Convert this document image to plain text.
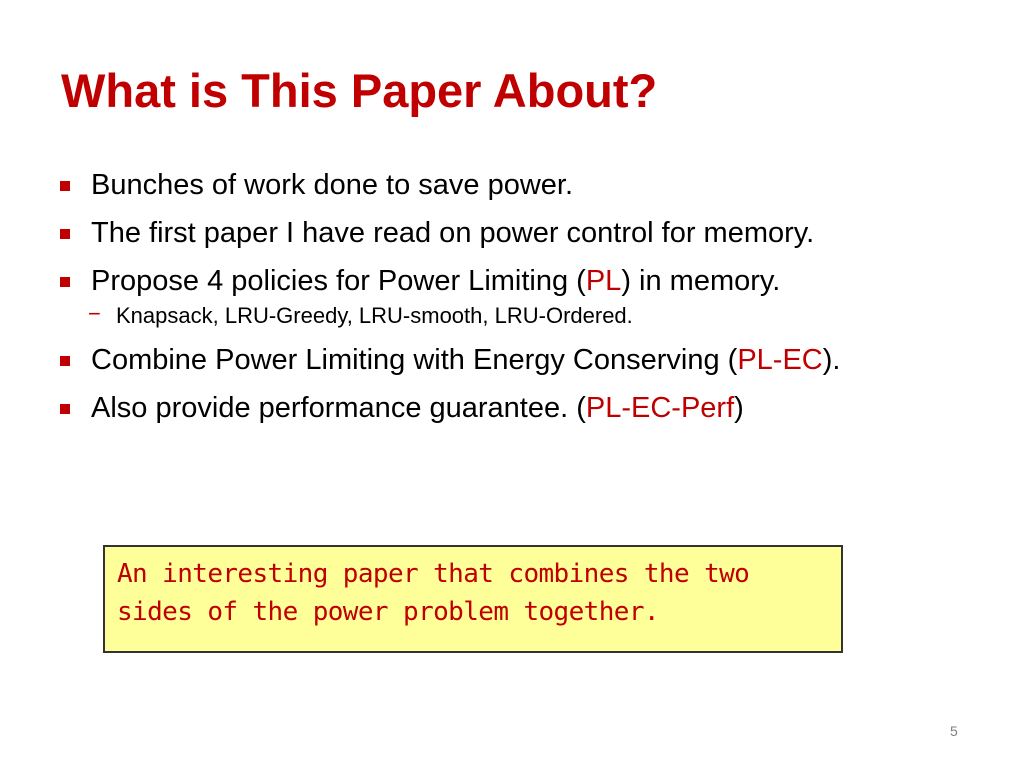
What is This Paper About?
Bunches of work done to save power.
The first paper I have read on power control for memory.
Propose 4 policies for Power Limiting (PL) in memory.
− Knapsack, LRU-Greedy, LRU-smooth, LRU-Ordered.
Combine Power Limiting with Energy Conserving (PL-EC).
Also provide performance guarantee. (PL-EC-Perf)
An interesting paper that combines the two sides of the power problem together.
5
